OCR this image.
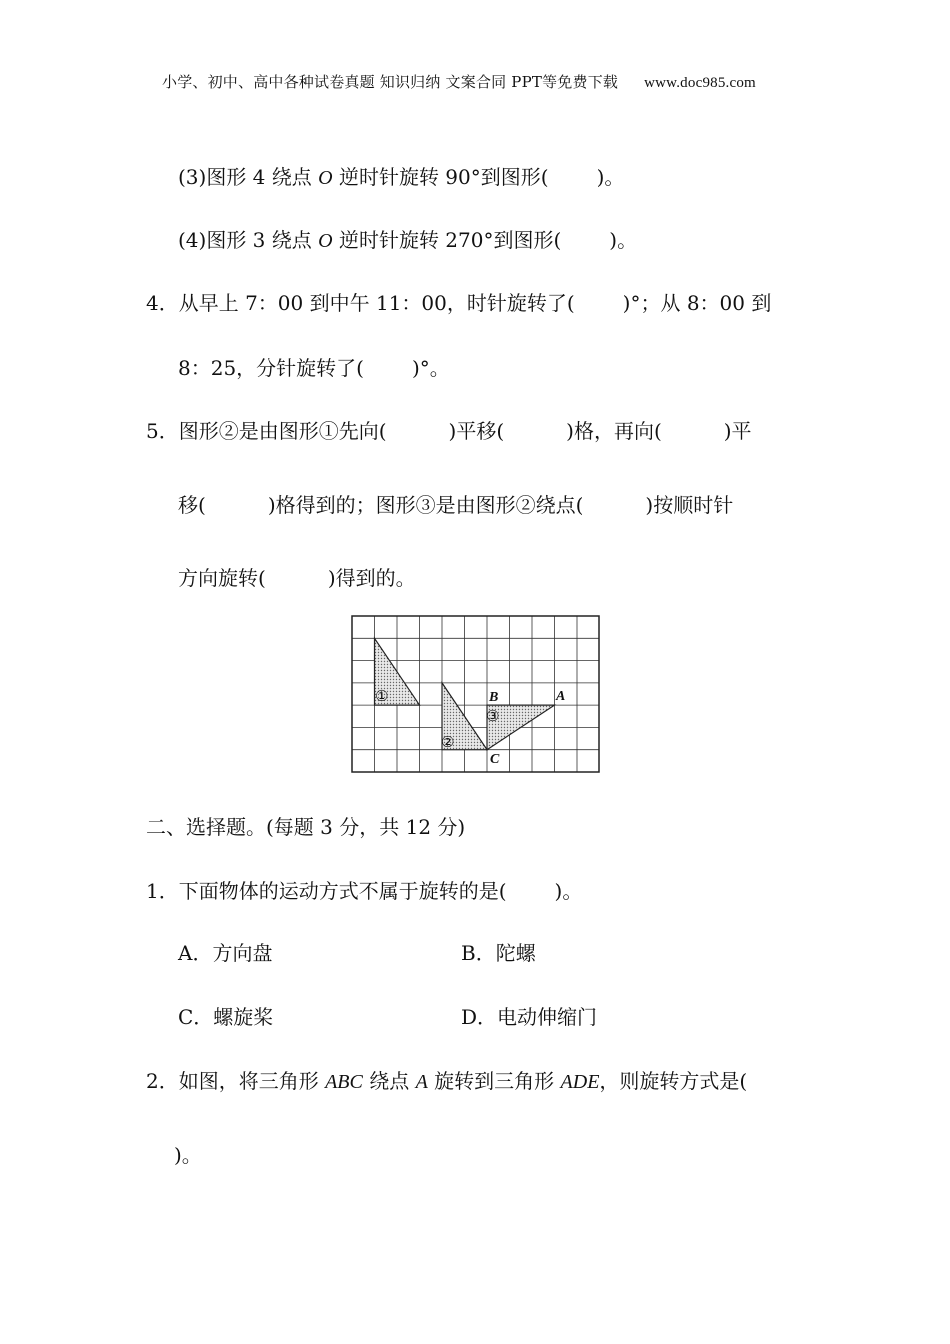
小学、初中、高中各种试卷真题 知识归纳 文案合同 PPT等免费下载 www.doc985.com
(3)图形 4 绕点 O 逆时针旋转 90°到图形( )。
(4)图形 3 绕点 O 逆时针旋转 270°到图形( )。
4．从早上 7：00 到中午 11：00，时针旋转了( )°；从 8：00 到
8：25，分针旋转了( )°。
5．图形②是由图形①先向(	)平移(	)格，再向(	)平
移(	)格得到的；图形③是由图形②绕点(	)按顺时针
方向旋转(	)得到的。
①
②
③
B	A
C
二、选择题。(每题 3 分，共 12 分)
1．下面物体的运动方式不属于旋转的是( )。
A．方向盘	B．陀螺
C．螺旋桨	D．电动伸缩门
2．如图，将三角形 ABC 绕点 A 旋转到三角形 ADE，则旋转方式是(
)。
